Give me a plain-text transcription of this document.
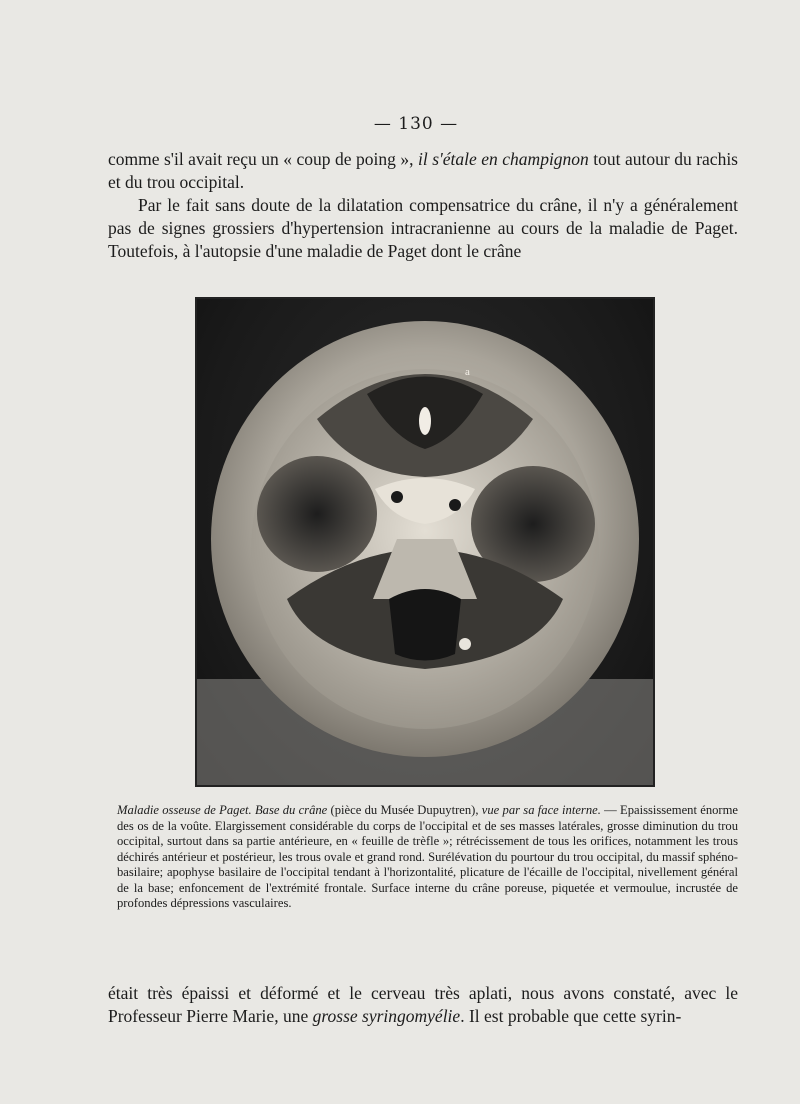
— 130 —

comme s'il avait reçu un « coup de poing », il s'étale en champignon tout autour du rachis et du trou occipital.

Par le fait sans doute de la dilatation compensatrice du crâne, il n'y a généralement pas de signes grossiers d'hypertension intracranienne au cours de la maladie de Paget. Toutefois, à l'autopsie d'une maladie de Paget dont le crâne

a

Maladie osseuse de Paget. Base du crâne (pièce du Musée Dupuytren), vue par sa face interne. — Epaississement énorme des os de la voûte. Elargissement considérable du corps de l'occipital et de ses masses latérales, grosse diminution du trou occipital, surtout dans sa partie antérieure, en « feuille de trèfle »; rétrécissement de tous les orifices, notamment les trous déchirés antérieur et postérieur, les trous ovale et grand rond. Surélévation du pourtour du trou occipital, du massif sphéno-basilaire; apophyse basilaire de l'occipital tendant à l'horizontalité, plicature de l'écaille de l'occipital, nivellement général de la base; enfoncement de l'extrémité frontale. Surface interne du crâne poreuse, piquetée et vermoulue, incrustée de profondes dépressions vasculaires.

était très épaissi et déformé et le cerveau très aplati, nous avons constaté, avec le Professeur Pierre Marie, une grosse syringomyélie. Il est probable que cette syrin-
